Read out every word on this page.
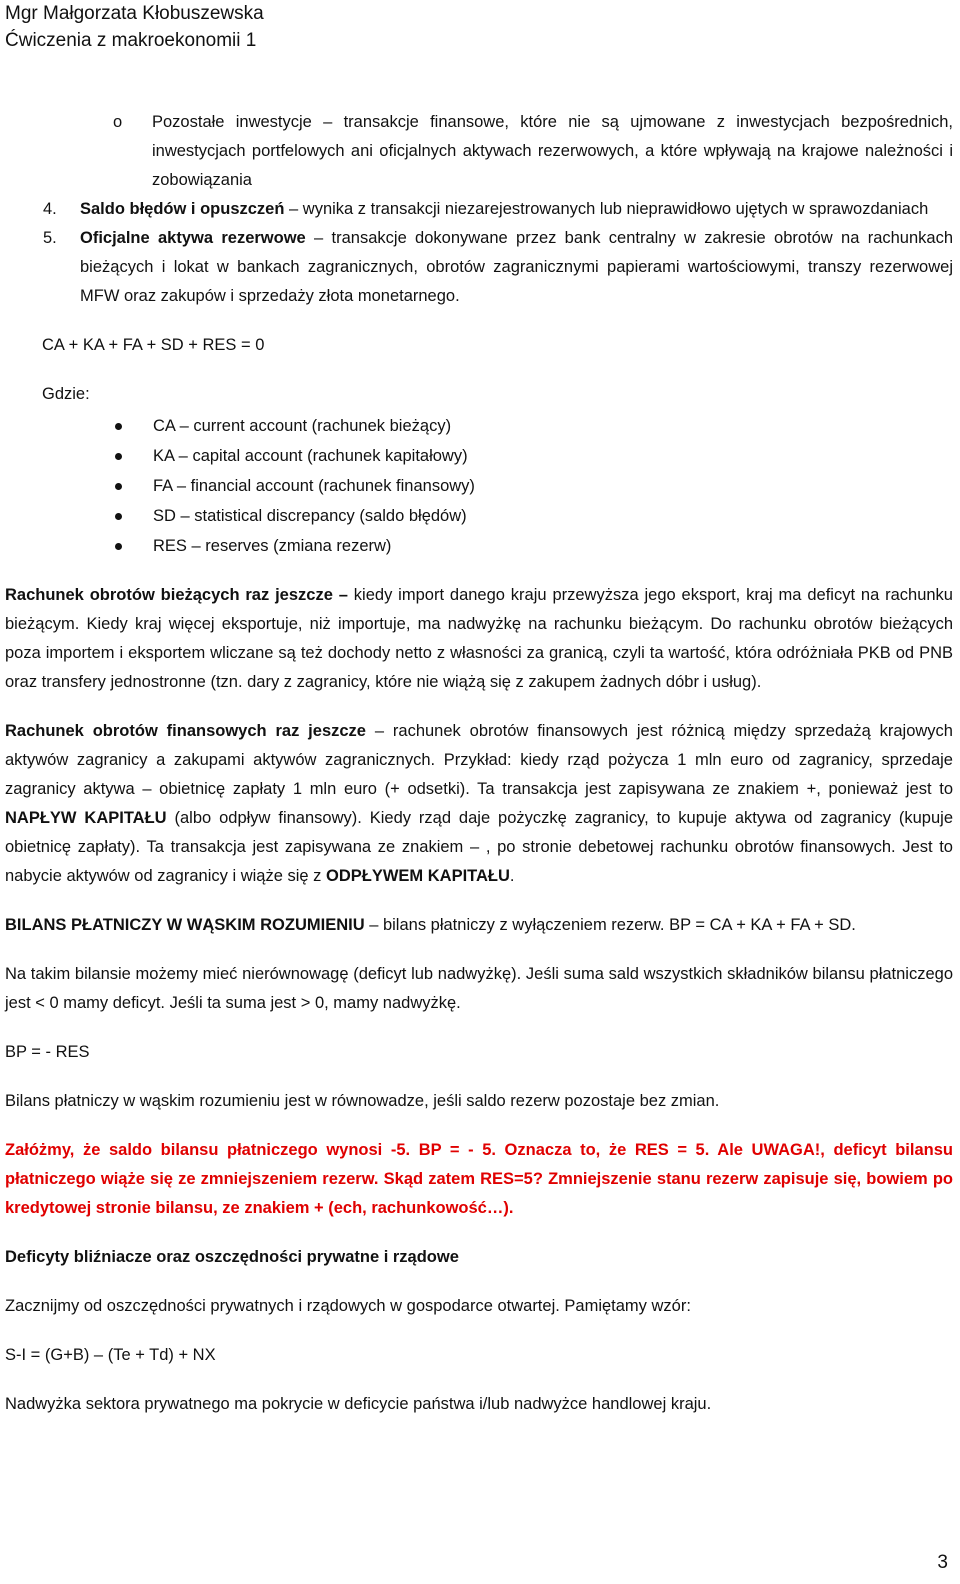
Mgr Małgorzata Kłobuszewska
Ćwiczenia z makroekonomii 1
o Pozostałe inwestycje – transakcje finansowe, które nie są ujmowane z inwestycjach bezpośrednich, inwestycjach portfelowych ani oficjalnych aktywach rezerwowych, a które wpływają na krajowe należności i zobowiązania
4. Saldo błędów i opuszczeń – wynika z transakcji niezarejestrowanych lub nieprawidłowo ujętych w sprawozdaniach
5. Oficjalne aktywa rezerwowe – transakcje dokonywane przez bank centralny w zakresie obrotów na rachunkach bieżących i lokat w bankach zagranicznych, obrotów zagranicznymi papierami wartościowymi, transzy rezerwowej MFW oraz zakupów i sprzedaży złota monetarnego.
CA + KA + FA + SD + RES = 0
Gdzie:
CA – current account (rachunek bieżący)
KA – capital account (rachunek kapitałowy)
FA – financial account (rachunek finansowy)
SD – statistical discrepancy (saldo błędów)
RES – reserves (zmiana rezerw)
Rachunek obrotów bieżących raz jeszcze – kiedy import danego kraju przewyższa jego eksport, kraj ma deficyt na rachunku bieżącym. Kiedy kraj więcej eksportuje, niż importuje, ma nadwyżkę na rachunku bieżącym. Do rachunku obrotów bieżących poza importem i eksportem wliczane są też dochody netto z własności za granicą, czyli ta wartość, która odróżniała PKB od PNB oraz transfery jednostronne (tzn. dary z zagranicy, które nie wiążą się z zakupem żadnych dóbr i usług).
Rachunek obrotów finansowych raz jeszcze – rachunek obrotów finansowych jest różnicą między sprzedażą krajowych aktywów zagranicy a zakupami aktywów zagranicznych. Przykład: kiedy rząd pożycza 1 mln euro od zagranicy, sprzedaje zagranicy aktywa – obietnicę zapłaty 1 mln euro (+ odsetki). Ta transakcja jest zapisywana ze znakiem +, ponieważ jest to NAPŁYW KAPITAŁU (albo odpływ finansowy). Kiedy rząd daje pożyczkę zagranicy, to kupuje aktywa od zagranicy (kupuje obietnicę zapłaty). Ta transakcja jest zapisywana ze znakiem – , po stronie debetowej rachunku obrotów finansowych. Jest to nabycie aktywów od zagranicy i wiąże się z ODPŁYWEM KAPITAŁU.
BILANS PŁATNICZY W WĄSKIM ROZUMIENIU – bilans płatniczy z wyłączeniem rezerw. BP = CA + KA + FA + SD.
Na takim bilansie możemy mieć nierównowagę (deficyt lub nadwyżkę). Jeśli suma sald wszystkich składników bilansu płatniczego jest < 0 mamy deficyt. Jeśli ta suma jest > 0, mamy nadwyżkę.
BP = - RES
Bilans płatniczy w wąskim rozumieniu jest w równowadze, jeśli saldo rezerw pozostaje bez zmian.
Załóżmy, że saldo bilansu płatniczego wynosi -5. BP = - 5. Oznacza to, że RES = 5. Ale UWAGA!, deficyt bilansu płatniczego wiąże się ze zmniejszeniem rezerw. Skąd zatem RES=5? Zmniejszenie stanu rezerw zapisuje się, bowiem po kredytowej stronie bilansu, ze znakiem + (ech, rachunkowość…).
Deficyty bliźniacze oraz oszczędności prywatne i rządowe
Zacznijmy od oszczędności prywatnych i rządowych w gospodarce otwartej. Pamiętamy wzór:
S-I = (G+B) – (Te + Td) + NX
Nadwyżka sektora prywatnego ma pokrycie w deficycie państwa i/lub nadwyżce handlowej kraju.
3
